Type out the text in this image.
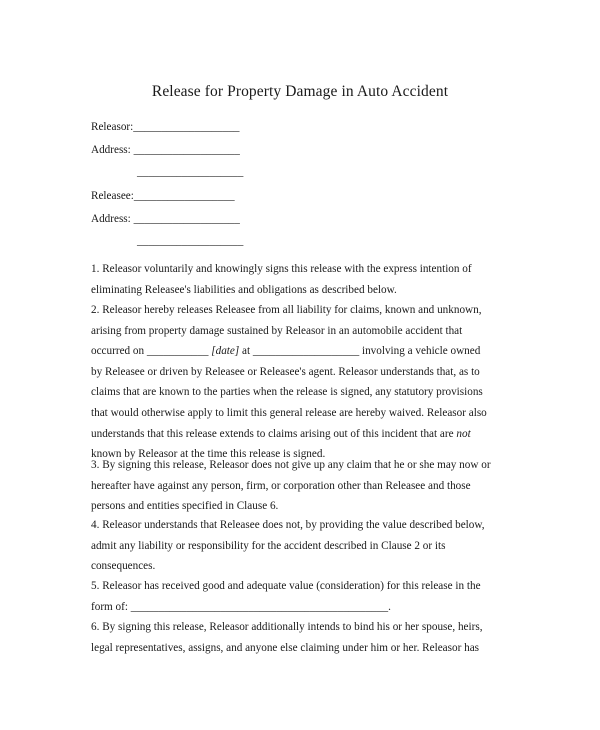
Release for Property Damage in Auto Accident
Releasor:___________________
Address: ___________________
___________________
Releasee:__________________
Address: ___________________
___________________
1. Releasor voluntarily and knowingly signs this release with the express intention of
eliminating Releasee's liabilities and obligations as described below.
2. Releasor hereby releases Releasee from all liability for claims, known and unknown,
arising from property damage sustained by Releasor in an automobile accident that
occurred on ___________ [date] at ___________________ involving a vehicle owned
by Releasee or driven by Releasee or Releasee's agent. Releasor understands that, as to
claims that are known to the parties when the release is signed, any statutory provisions
that would otherwise apply to limit this general release are hereby waived. Releasor also
understands that this release extends to claims arising out of this incident that are not
known by Releasor at the time this release is signed.
3. By signing this release, Releasor does not give up any claim that he or she may now or
hereafter have against any person, firm, or corporation other than Releasee and those
persons and entities specified in Clause 6.
4. Releasor understands that Releasee does not, by providing the value described below,
admit any liability or responsibility for the accident described in Clause 2 or its
consequences.
5. Releasor has received good and adequate value (consideration) for this release in the
form of: ______________________________________________.
6. By signing this release, Releasor additionally intends to bind his or her spouse, heirs,
legal representatives, assigns, and anyone else claiming under him or her. Releasor has
